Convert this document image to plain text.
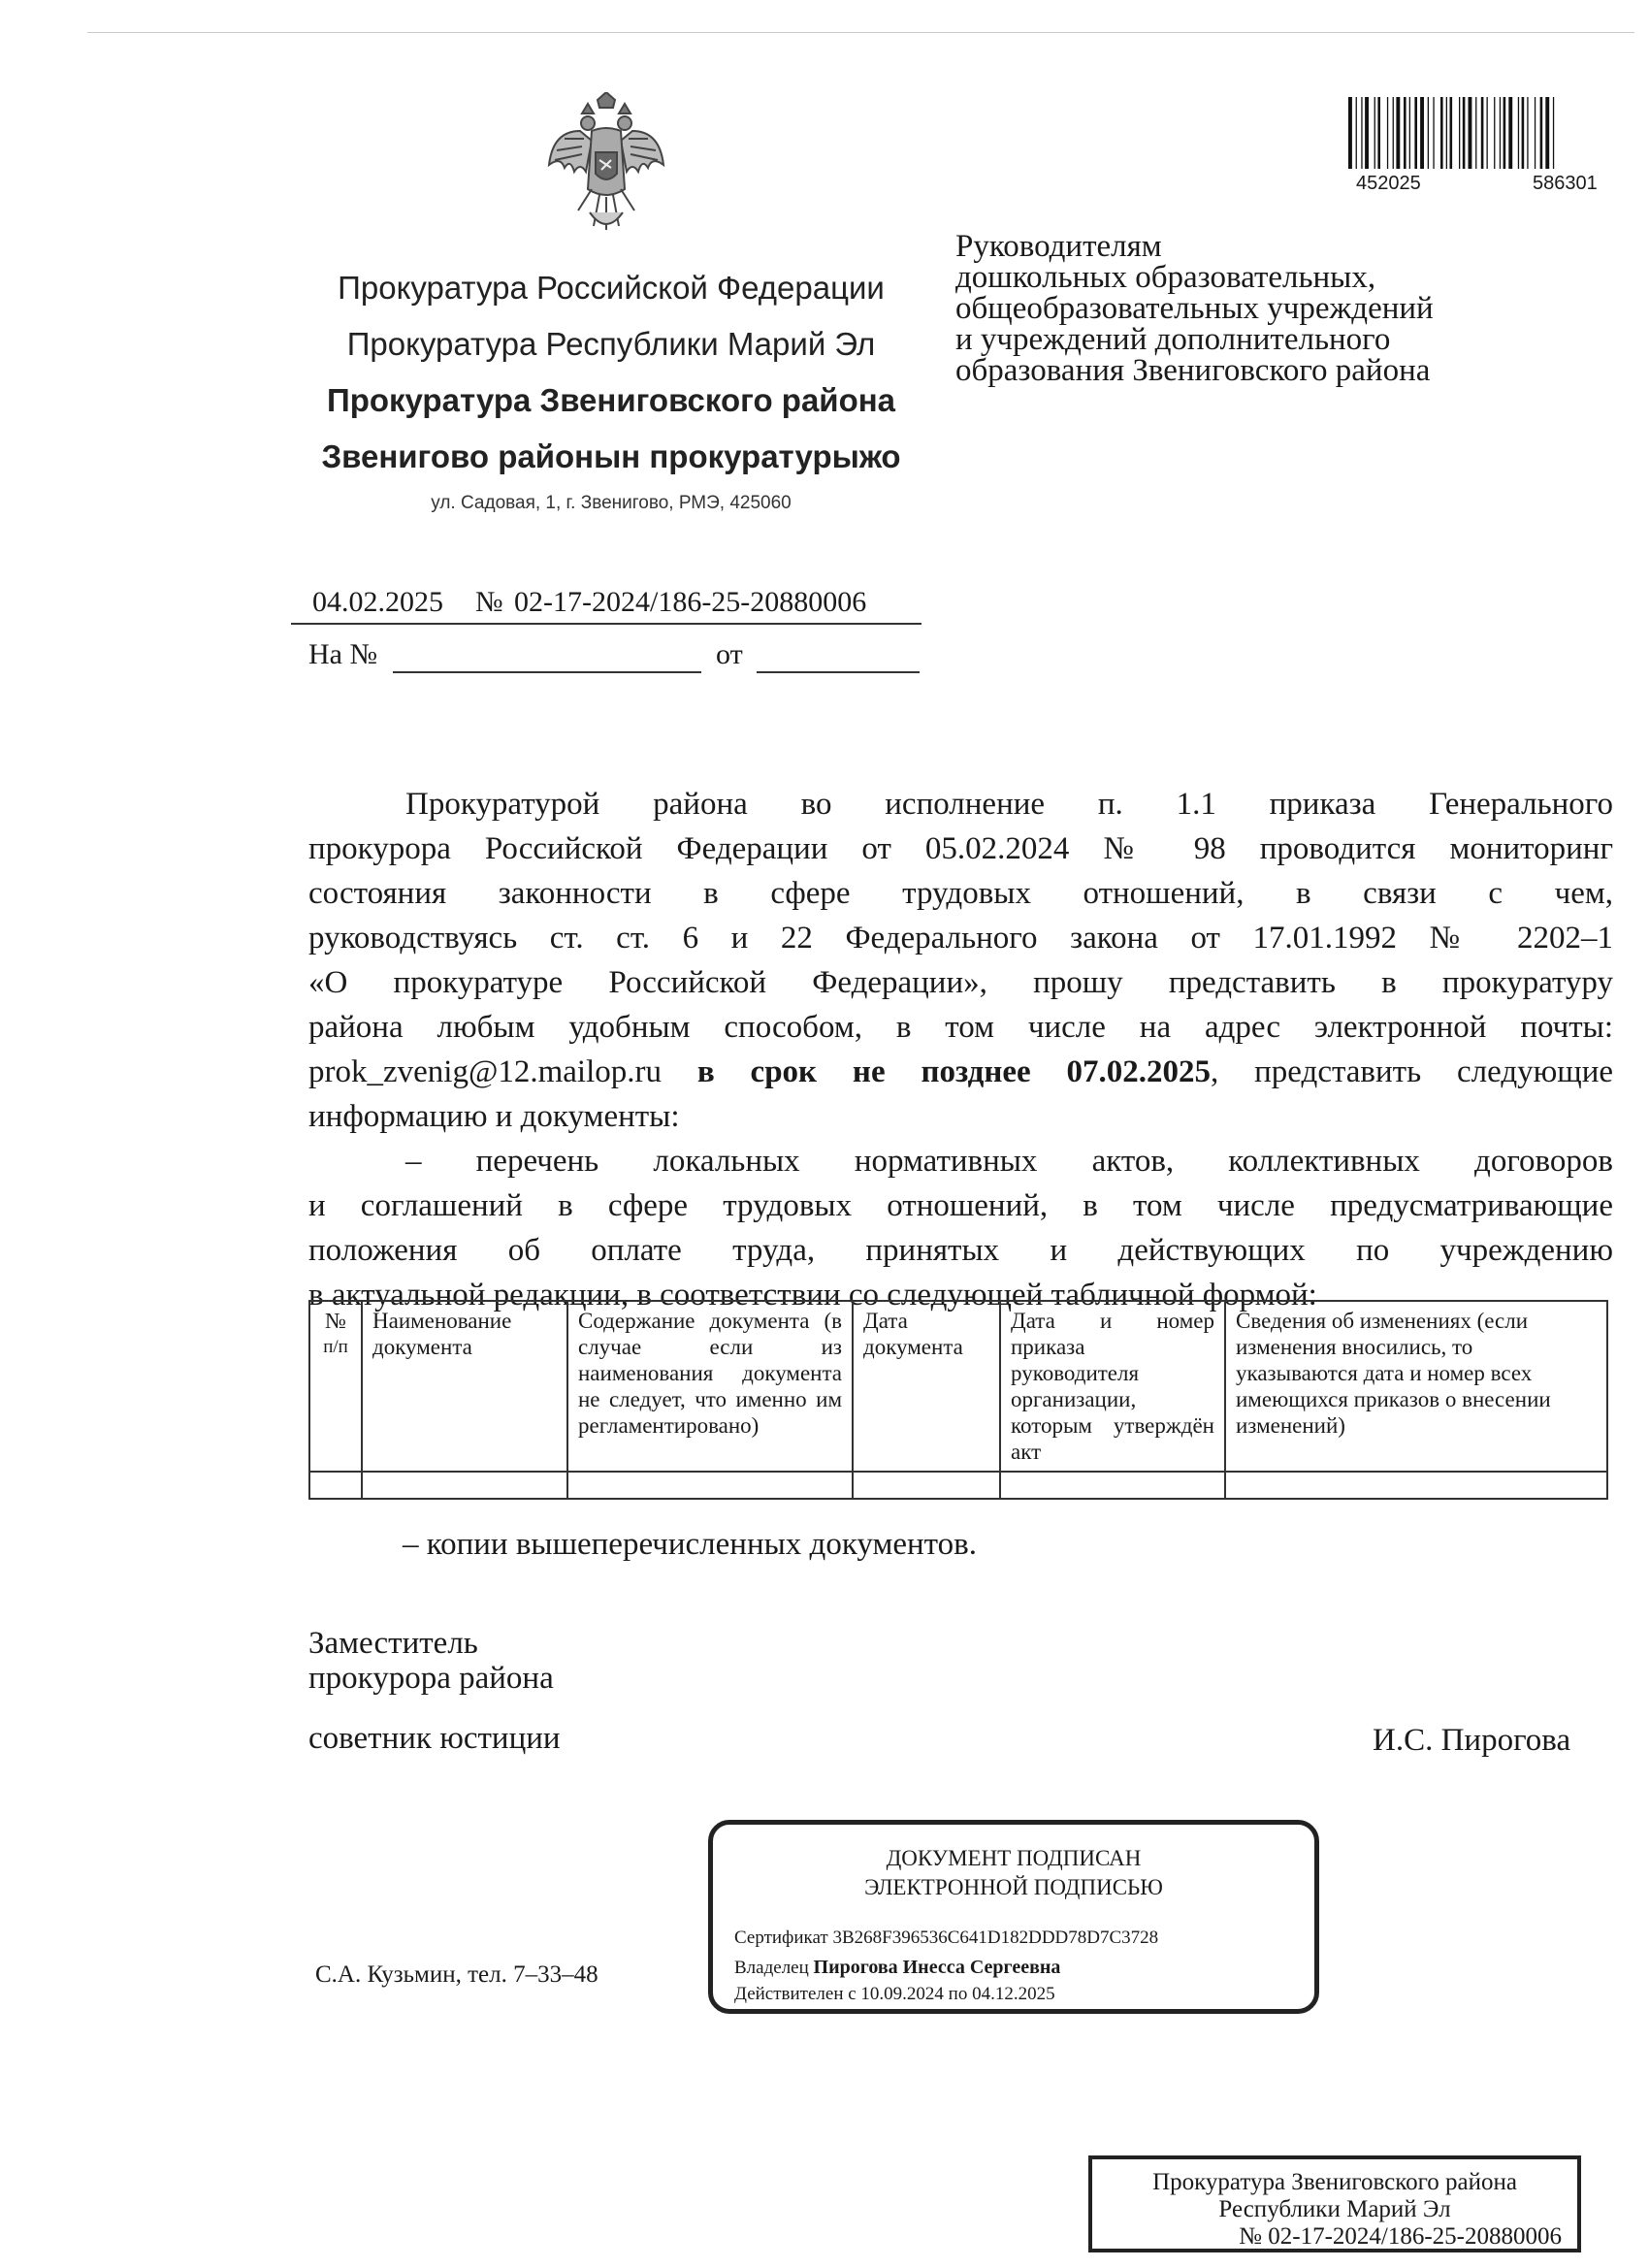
Прокуратура Российской Федерации
Прокуратура Республики Марий Эл
Прокуратура Звениговского района
Звенигово районын прокуратурыжо
ул. Садовая, 1, г. Звенигово, РМЭ, 425060
04.02.2025 № 02-17-2024/186-25-20880006
На №	от
452025	586301
Руководителям
дошкольных образовательных,
общеобразовательных учреждений
и учреждений дополнительного
образования Звениговского района
Прокуратурой района во исполнение п. 1.1 приказа Генерального
прокурора Российской Федерации от 05.02.2024 № 98 проводится мониторинг
состояния законности в сфере трудовых отношений, в связи с чем,
руководствуясь ст. ст. 6 и 22 Федерального закона от 17.01.1992 № 2202–1
«О прокуратуре Российской Федерации», прошу представить в прокуратуру
района любым удобным способом, в том числе на адрес электронной почты:
prok_zvenig@12.mailop.ru в срок не позднее 07.02.2025, представить следующие
информацию и документы:
– перечень локальных нормативных актов, коллективных договоров
и соглашений в сфере трудовых отношений, в том числе предусматривающие
положения об оплате труда, принятых и действующих по учреждению
в актуальной редакции, в соответствии со следующей табличной формой:
№
п/п	Наименование документа	Содержание документа (в случае если из наименования документа не следует, что именно им регламентировано)	Дата документа	Дата и номер приказа руководителя организации, которым утверждён акт	Сведения об изменениях (если изменения вносились, то указываются дата и номер всех имеющихся приказов о внесении изменений)

– копии вышеперечисленных документов.
Заместитель
прокурора района
советник юстиции	И.С. Пирогова
ДОКУМЕНТ ПОДПИСАН
ЭЛЕКТРОННОЙ ПОДПИСЬЮ
Сертификат 3B268F396536C641D182DDD78D7C3728
Владелец Пирогова Инесса Сергеевна
Действителен с 10.09.2024 по 04.12.2025
С.А. Кузьмин, тел. 7–33–48
Прокуратура Звениговского района
Республики Марий Эл
№ 02-17-2024/186-25-20880006
